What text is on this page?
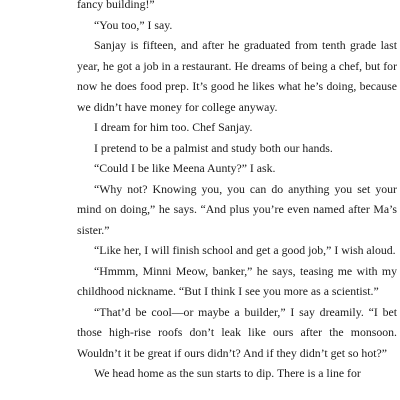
fancy building!”

“You too,” I say.

Sanjay is fifteen, and after he graduated from tenth grade last year, he got a job in a restaurant. He dreams of being a chef, but for now he does food prep. It’s good he likes what he’s doing, because we didn’t have money for college anyway.

I dream for him too. Chef Sanjay.

I pretend to be a palmist and study both our hands.

“Could I be like Meena Aunty?” I ask.

“Why not? Knowing you, you can do anything you set your mind on doing,” he says. “And plus you’re even named after Ma’s sister.”

“Like her, I will finish school and get a good job,” I wish aloud.

“Hmmm, Minni Meow, banker,” he says, teasing me with my childhood nickname. “But I think I see you more as a scientist.”

“That’d be cool—or maybe a builder,” I say dreamily. “I bet those high-rise roofs don’t leak like ours after the monsoon. Wouldn’t it be great if ours didn’t? And if they didn’t get so hot?”

We head home as the sun starts to dip. There is a line for
